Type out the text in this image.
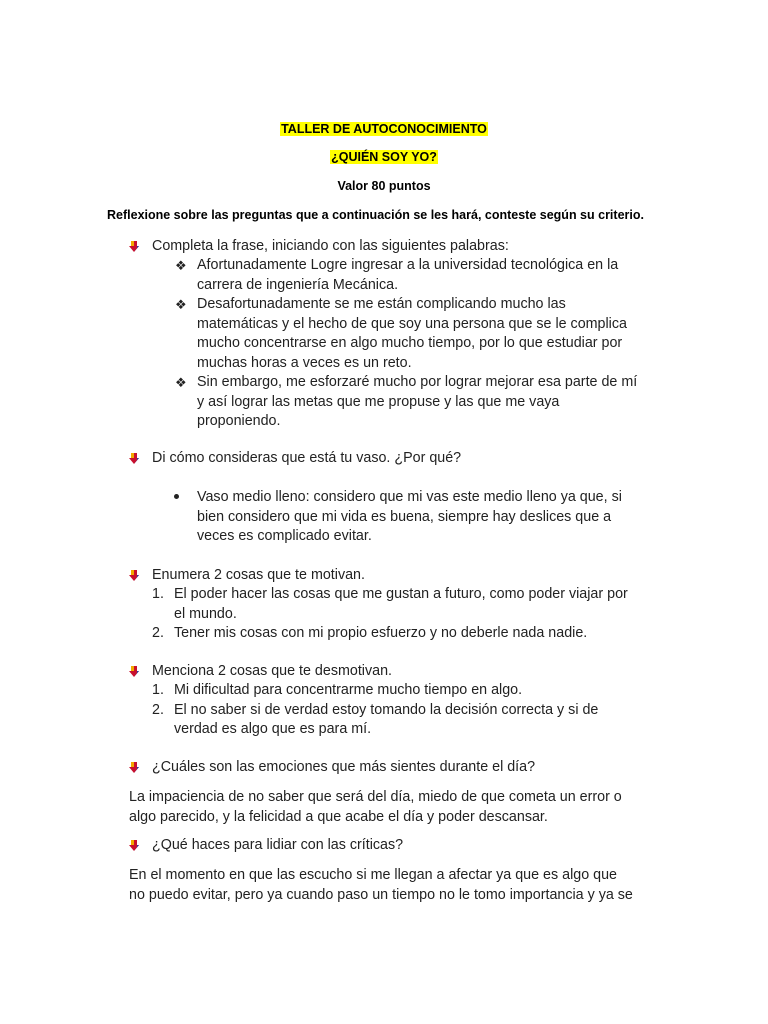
TALLER DE AUTOCONOCIMIENTO
¿QUIÉN SOY YO?
Valor 80 puntos
Reflexione sobre las preguntas que a continuación se les hará, conteste según su criterio.
Completa la frase, iniciando con las siguientes palabras:
❖ Afortunadamente Logre ingresar a la universidad tecnológica en la
carrera de ingeniería Mecánica.
❖ Desafortunadamente se me están complicando mucho las
matemáticas y el hecho de que soy una persona que se le complica
mucho concentrarse en algo mucho tiempo, por lo que estudiar por
muchas horas a veces es un reto.
❖ Sin embargo, me esforzaré mucho por lograr mejorar esa parte de mí
y así lograr las metas que me propuse y las que me vaya
proponiendo.
Di cómo consideras que está tu vaso. ¿Por qué?
Vaso medio lleno: considero que mi vas este medio lleno ya que, si
bien considero que mi vida es buena, siempre hay deslices que a
veces es complicado evitar.
Enumera 2 cosas que te motivan.
1. El poder hacer las cosas que me gustan a futuro, como poder viajar por
el mundo.
2. Tener mis cosas con mi propio esfuerzo y no deberle nada nadie.
Menciona 2 cosas que te desmotivan.
1. Mi dificultad para concentrarme mucho tiempo en algo.
2. El no saber si de verdad estoy tomando la decisión correcta y si de
verdad es algo que es para mí.
¿Cuáles son las emociones que más sientes durante el día?
La impaciencia de no saber que será del día, miedo de que cometa un error o
algo parecido, y la felicidad a que acabe el día y poder descansar.
¿Qué haces para lidiar con las críticas?
En el momento en que las escucho si me llegan a afectar ya que es algo que
no puedo evitar, pero ya cuando paso un tiempo no le tomo importancia y ya se
